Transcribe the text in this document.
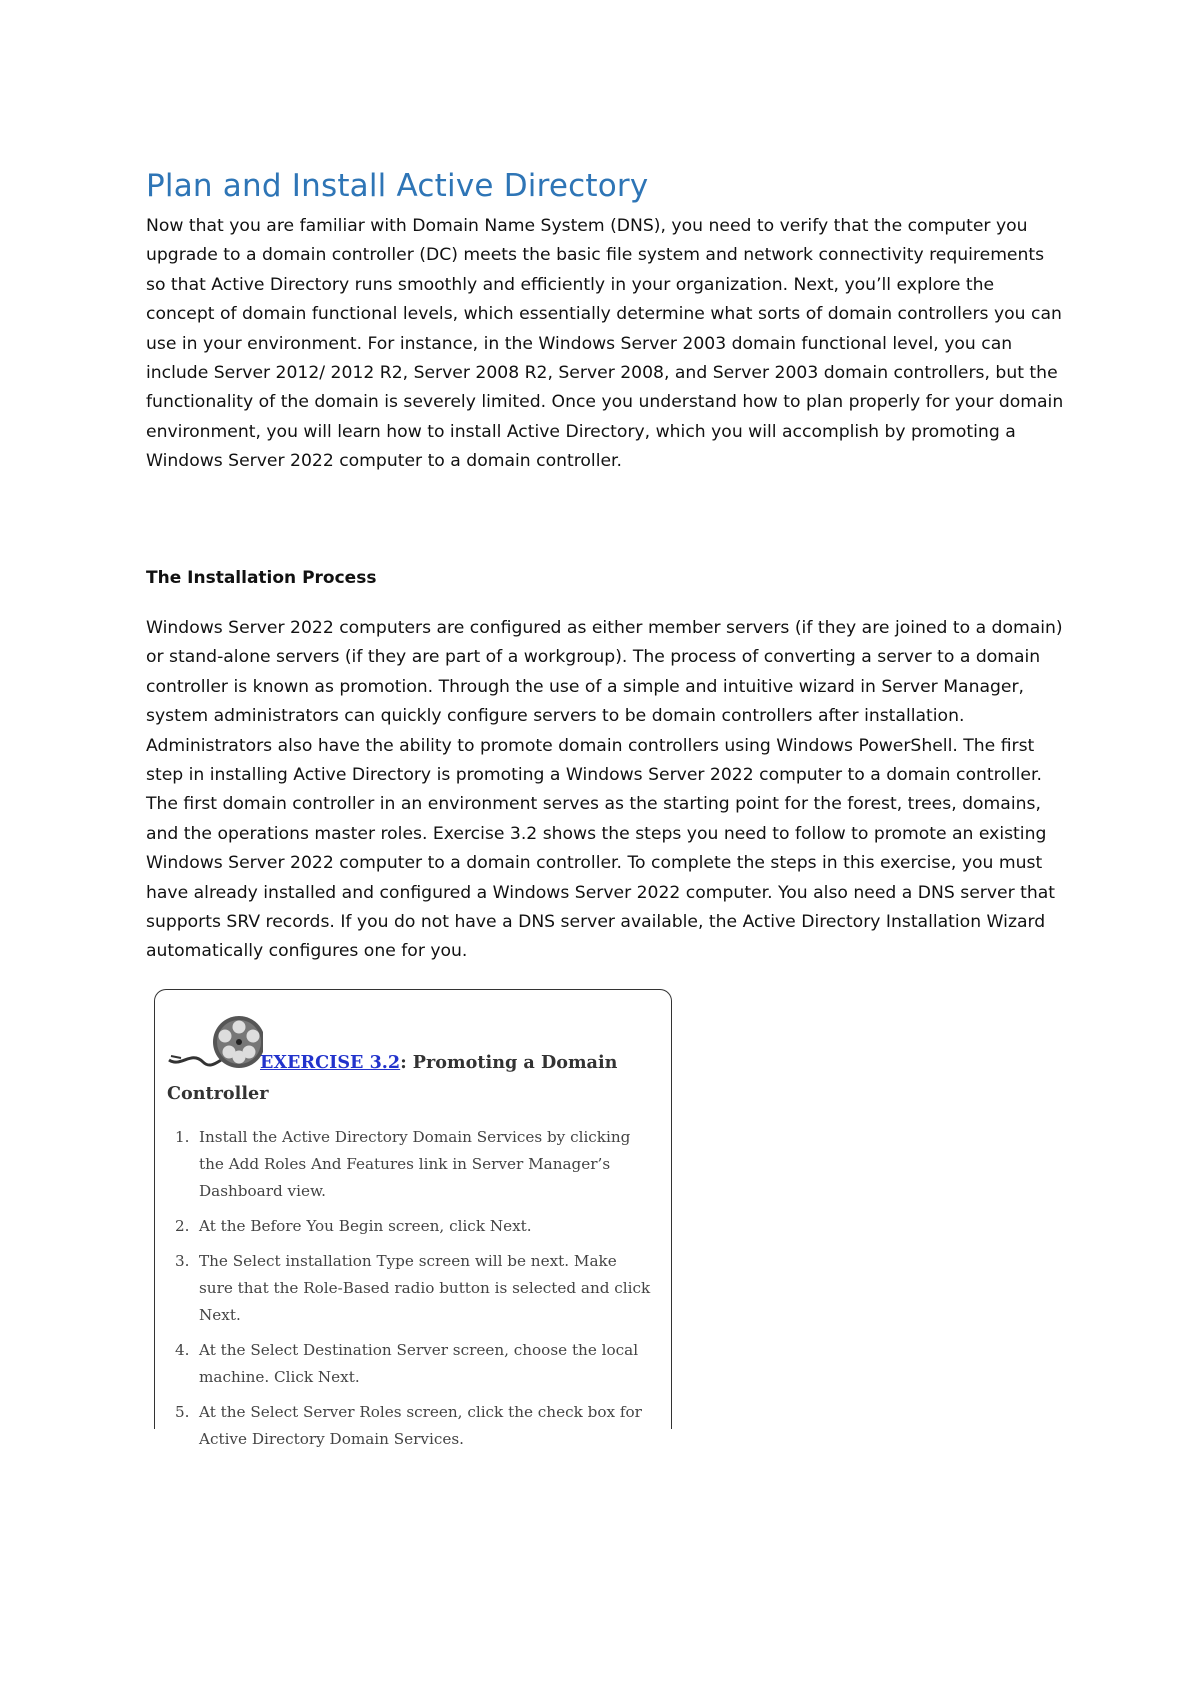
Plan and Install Active Directory

Now that you are familiar with Domain Name System (DNS), you need to verify that the computer you upgrade to a domain controller (DC) meets the basic file system and network connectivity requirements so that Active Directory runs smoothly and efficiently in your organization. Next, you’ll explore the concept of domain functional levels, which essentially determine what sorts of domain controllers you can use in your environment. For instance, in the Windows Server 2003 domain functional level, you can include Server 2012/ 2012 R2, Server 2008 R2, Server 2008, and Server 2003 domain controllers, but the functionality of the domain is severely limited. Once you understand how to plan properly for your domain environment, you will learn how to install Active Directory, which you will accomplish by promoting a Windows Server 2022 computer to a domain controller.

The Installation Process

Windows Server 2022 computers are configured as either member servers (if they are joined to a domain) or stand-alone servers (if they are part of a workgroup). The process of converting a server to a domain controller is known as promotion. Through the use of a simple and intuitive wizard in Server Manager, system administrators can quickly configure servers to be domain controllers after installation. Administrators also have the ability to promote domain controllers using Windows PowerShell. The first step in installing Active Directory is promoting a Windows Server 2022 computer to a domain controller. The first domain controller in an environment serves as the starting point for the forest, trees, domains, and the operations master roles. Exercise 3.2 shows the steps you need to follow to promote an existing Windows Server 2022 computer to a domain controller. To complete the steps in this exercise, you must have already installed and configured a Windows Server 2022 computer. You also need a DNS server that supports SRV records. If you do not have a DNS server available, the Active Directory Installation Wizard automatically configures one for you.

EXERCISE 3.2: Promoting a Domain Controller

1. Install the Active Directory Domain Services by clicking the Add Roles And Features link in Server Manager’s Dashboard view.
2. At the Before You Begin screen, click Next.
3. The Select installation Type screen will be next. Make sure that the Role-Based radio button is selected and click Next.
4. At the Select Destination Server screen, choose the local machine. Click Next.
5. At the Select Server Roles screen, click the check box for Active Directory Domain Services.
